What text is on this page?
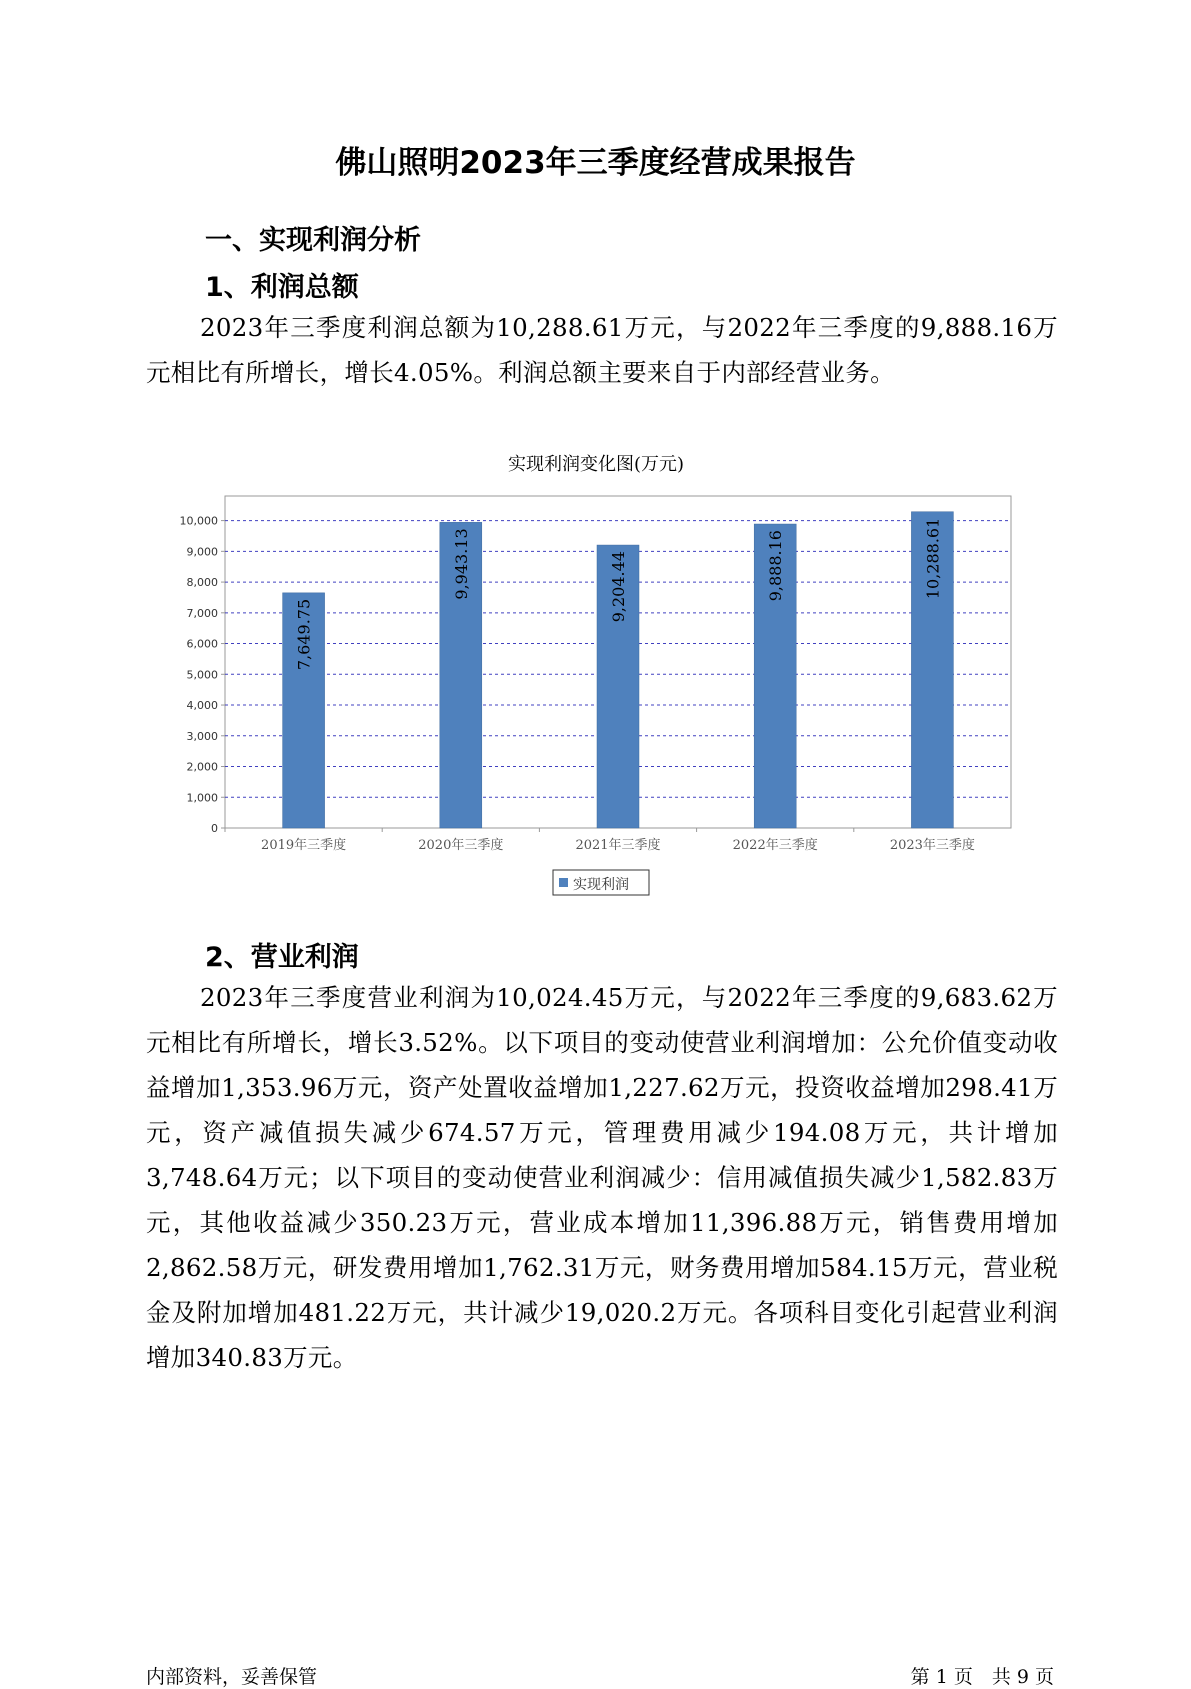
佛山照明2023年三季度经营成果报告
一、实现利润分析
1、利润总额

2023年三季度利润总额为10,288.61万元，与2022年三季度的9,888.16万元相比有所增长，增长4.05%。利润总额主要来自于内部经营业务。

实现利润变化图(万元)
0
1,000
2,000
3,000
4,000
5,000
6,000
7,000
8,000
9,000
10,000
7,649.75
9,943.13	9,204.44	9,888.16	10,288.61
2019年三季度	2020年三季度	2021年三季度	2022年三季度	2023年三季度
实现利润
2、营业利润

2023年三季度营业利润为10,024.45万元，与2022年三季度的9,683.62万元相比有所增长，增长3.52%。以下项目的变动使营业利润增加：公允价值变动收益增加1,353.96万元，资产处置收益增加1,227.62万元，投资收益增加298.41万元，资产减值损失减少674.57万元，管理费用减少194.08万元，共计增加3,748.64万元；以下项目的变动使营业利润减少：信用减值损失减少1,582.83万元，其他收益减少350.23万元，营业成本增加11,396.88万元，销售费用增加2,862.58万元，研发费用增加1,762.31万元，财务费用增加584.15万元，营业税金及附加增加481.22万元，共计减少19,020.2万元。各项科目变化引起营业利润增加340.83万元。

内部资料，妥善保管	第 1 页　共 9 页
